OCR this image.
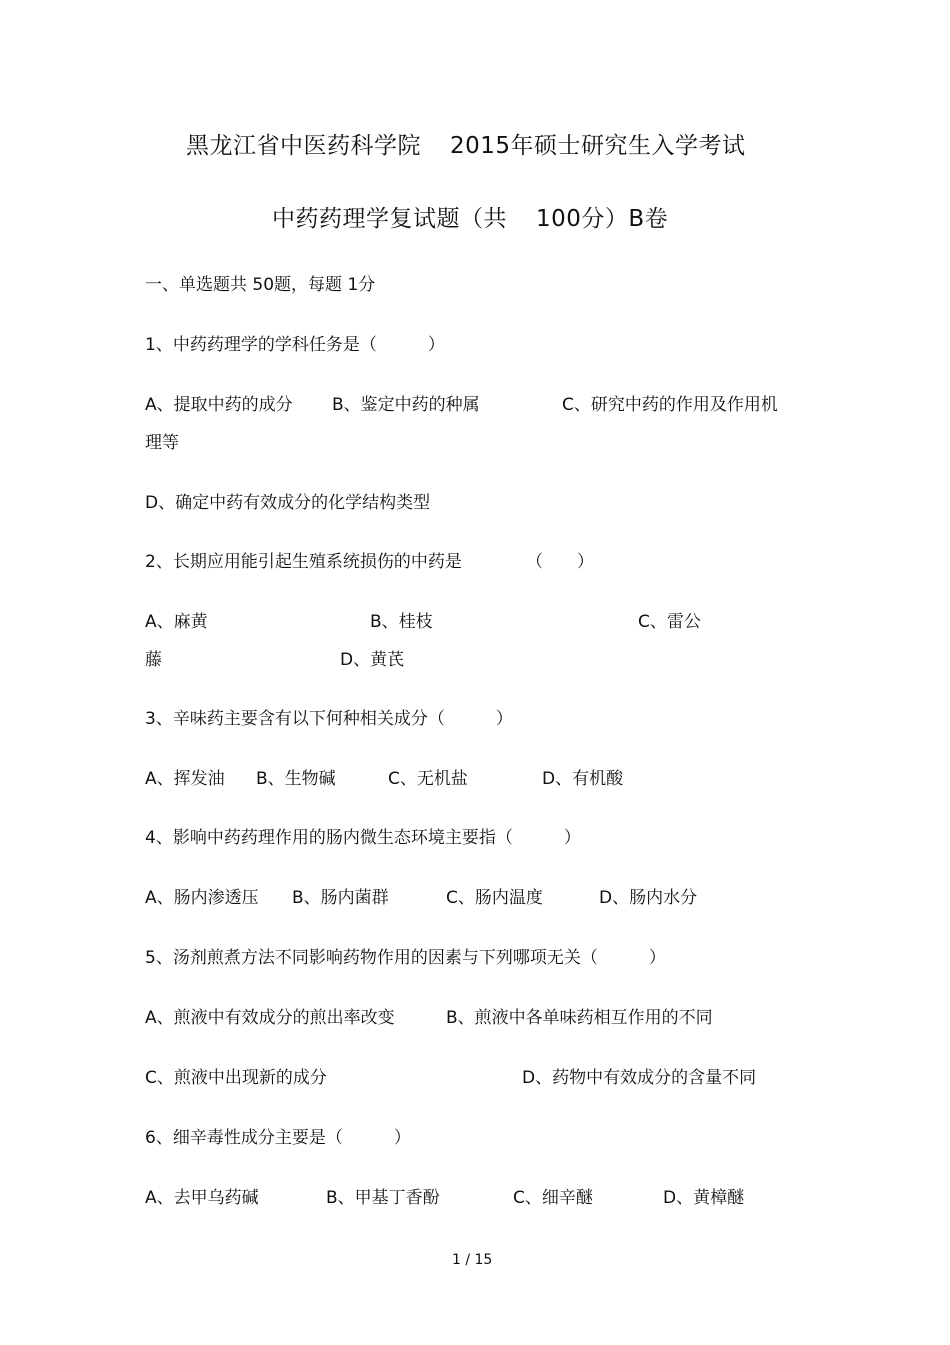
黑龙江省中医药科学院 2015年硕士研究生入学考试
中药药理学复试题（共 100分）B卷
一、单选题共 50题，每题 1分
1、中药药理学的学科任务是（　　　）
A、提取中药的成分 B、鉴定中药的种属	C、研究中药的作用及作用机
理等
D、确定中药有效成分的化学结构类型
2、长期应用能引起生殖系统损伤的中药是	（　　）
A、麻黄	B、桂枝	C、雷公
藤	D、黄芪
3、辛味药主要含有以下何种相关成分（　　　）
A、挥发油 B、生物碱	C、无机盐	D、有机酸
4、影响中药药理作用的肠内微生态环境主要指（　　　）
A、肠内渗透压 B、肠内菌群	C、肠内温度	D、肠内水分
5、汤剂煎煮方法不同影响药物作用的因素与下列哪项无关（　　　）
A、煎液中有效成分的煎出率改变	B、煎液中各单味药相互作用的不同
C、煎液中出现新的成分	D、药物中有效成分的含量不同
6、细辛毒性成分主要是（　　　）
A、去甲乌药碱	B、甲基丁香酚	C、细辛醚	D、黄樟醚
1 / 15
